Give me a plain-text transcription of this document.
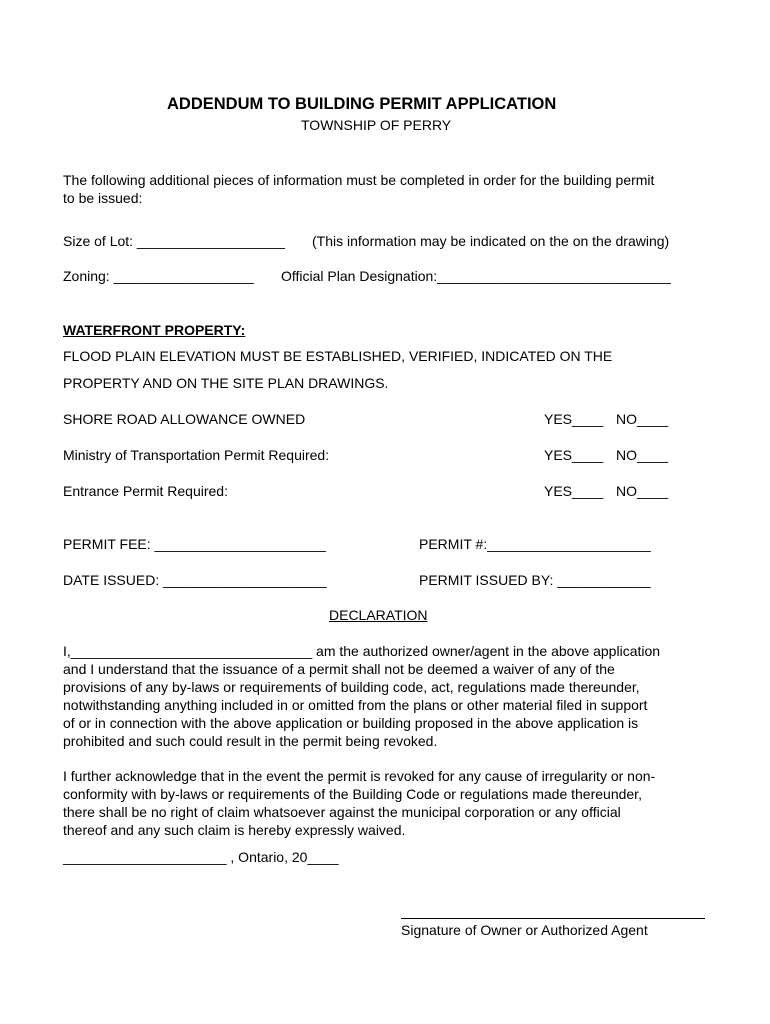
ADDENDUM TO BUILDING PERMIT APPLICATION
TOWNSHIP OF PERRY
The following additional pieces of information must be completed in order for the building permit
to be issued:
Size of Lot: ___________________ (This information may be indicated on the on the drawing)
Zoning: __________________ Official Plan Designation:______________________________
WATERFRONT PROPERTY:
FLOOD PLAIN ELEVATION MUST BE ESTABLISHED, VERIFIED, INDICATED ON THE
PROPERTY AND ON THE SITE PLAN DRAWINGS.
SHORE ROAD ALLOWANCE OWNED	YES____ NO____
Ministry of Transportation Permit Required:	YES____ NO____
Entrance Permit Required:	YES____ NO____
PERMIT FEE: ______________________	PERMIT #:_____________________
DATE ISSUED: _____________________	PERMIT ISSUED BY: ____________
DECLARATION
I,_______________________________ am the authorized owner/agent in the above application
and I understand that the issuance of a permit shall not be deemed a waiver of any of the
provisions of any by-laws or requirements of building code, act, regulations made thereunder,
notwithstanding anything included in or omitted from the plans or other material filed in support
of or in connection with the above application or building proposed in the above application is
prohibited and such could result in the permit being revoked.
I further acknowledge that in the event the permit is revoked for any cause of irregularity or non-
conformity with by-laws or requirements of the Building Code or regulations made thereunder,
there shall be no right of claim whatsoever against the municipal corporation or any official
thereof and any such claim is hereby expressly waived.
_____________________ , Ontario, 20____
Signature of Owner or Authorized Agent
